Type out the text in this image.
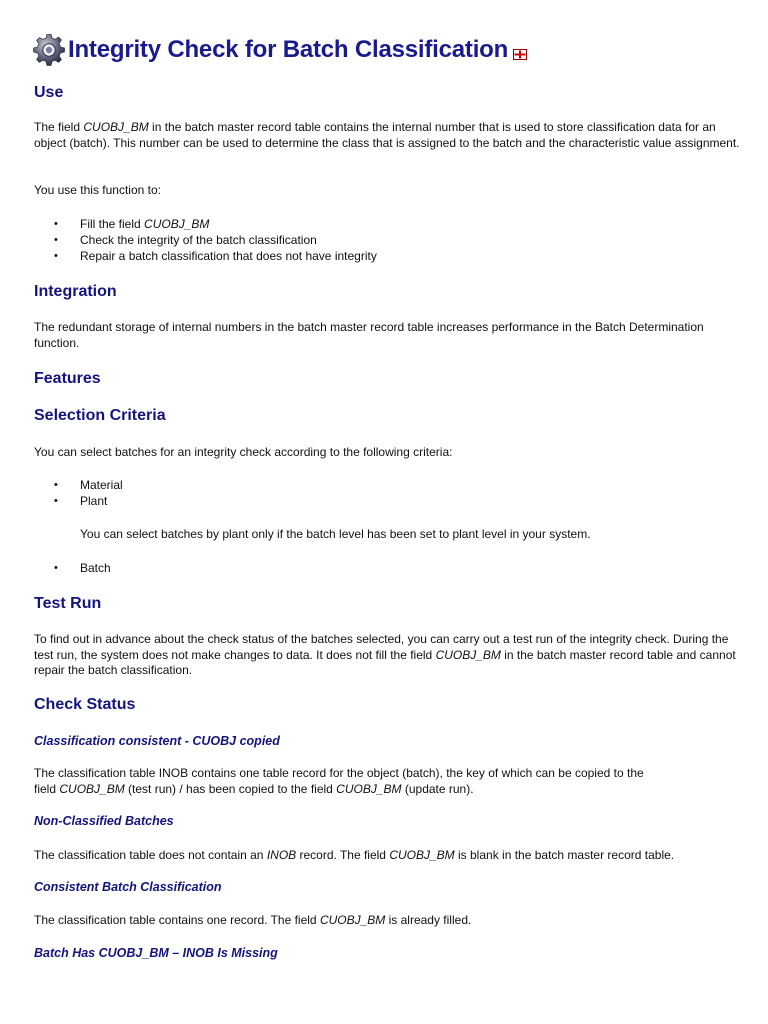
Integrity Check for Batch Classification
Use
The field CUOBJ_BM in the batch master record table contains the internal number that is used to store classification data for an object (batch). This number can be used to determine the class that is assigned to the batch and the characteristic value assignment.
You use this function to:
• Fill the field CUOBJ_BM
• Check the integrity of the batch classification
• Repair a batch classification that does not have integrity
Integration
The redundant storage of internal numbers in the batch master record table increases performance in the Batch Determination function.
Features
Selection Criteria
You can select batches for an integrity check according to the following criteria:
• Material
• Plant
You can select batches by plant only if the batch level has been set to plant level in your system.
• Batch
Test Run
To find out in advance about the check status of the batches selected, you can carry out a test run of the integrity check. During the test run, the system does not make changes to data. It does not fill the field CUOBJ_BM in the batch master record table and cannot repair the batch classification.
Check Status
Classification consistent - CUOBJ copied
The classification table INOB contains one table record for the object (batch), the key of which can be copied to the
field CUOBJ_BM (test run) / has been copied to the field CUOBJ_BM (update run).
Non-Classified Batches
The classification table does not contain an INOB record. The field CUOBJ_BM is blank in the batch master record table.
Consistent Batch Classification
The classification table contains one record. The field CUOBJ_BM is already filled.
Batch Has CUOBJ_BM – INOB Is Missing
